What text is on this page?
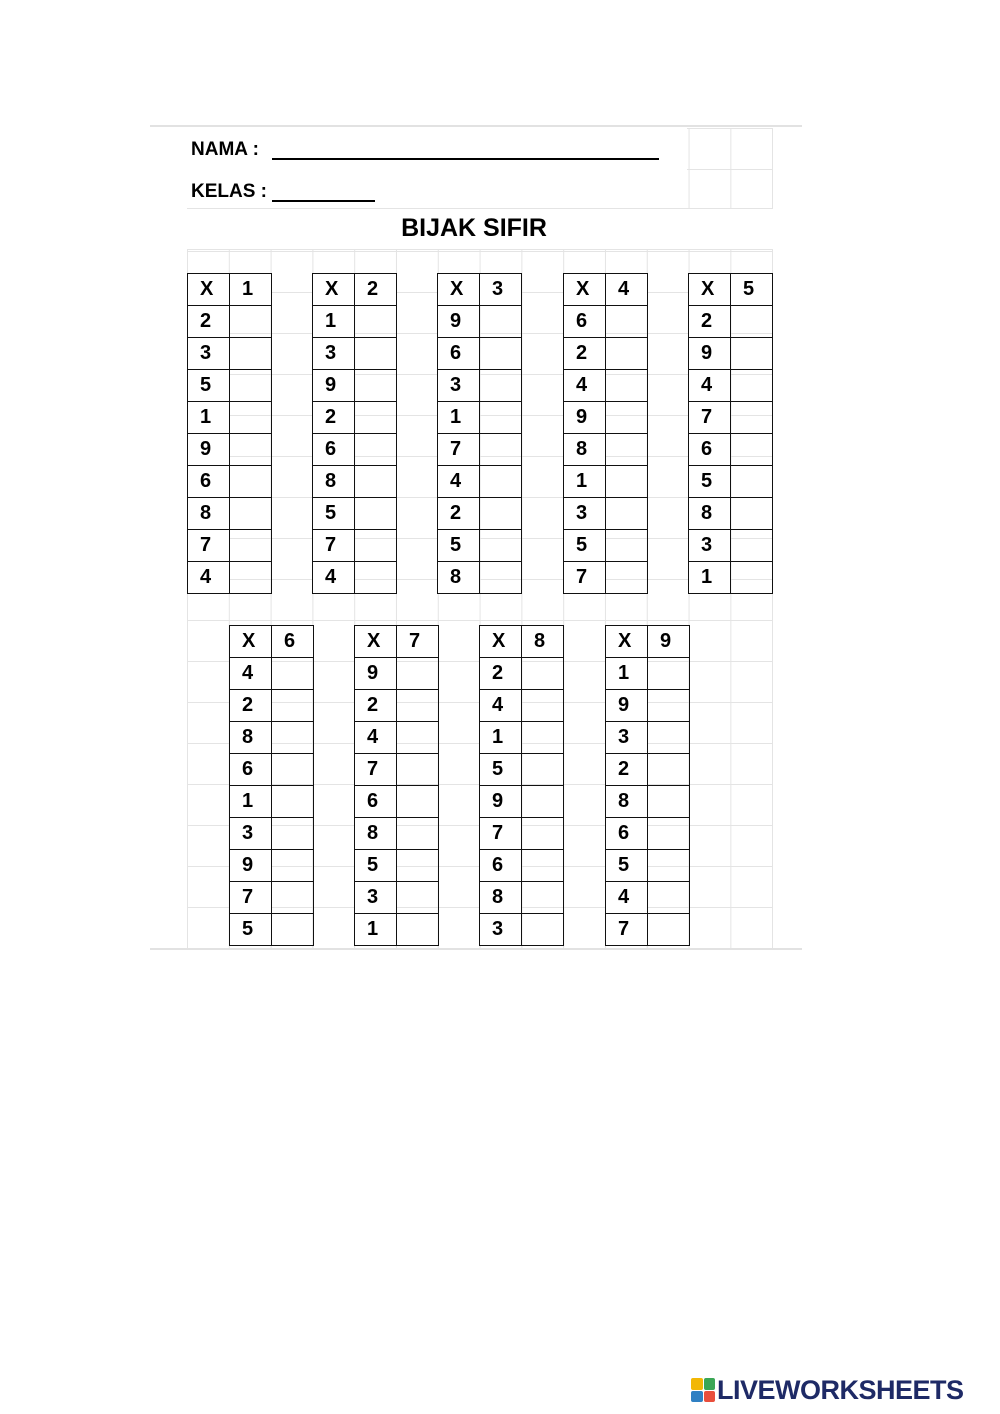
NAMA :
KELAS :
BIJAK SIFIR
X	1
2	
3	
5	
1	
9	
6	
8	
7	
4	
X	2
1	
3	
9	
2	
6	
8	
5	
7	
4	
X	3
9	
6	
3	
1	
7	
4	
2	
5	
8	
X	4
6	
2	
4	
9	
8	
1	
3	
5	
7	
X	5
2	
9	
4	
7	
6	
5	
8	
3	
1	
X	6
4	
2	
8	
6	
1	
3	
9	
7	
5	
X	7
9	
2	
4	
7	
6	
8	
5	
3	
1	
X	8
2	
4	
1	
5	
9	
7	
6	
8	
3	
X	9
1	
9	
3	
2	
8	
6	
5	
4	
7	
LIVEWORKSHEETS
